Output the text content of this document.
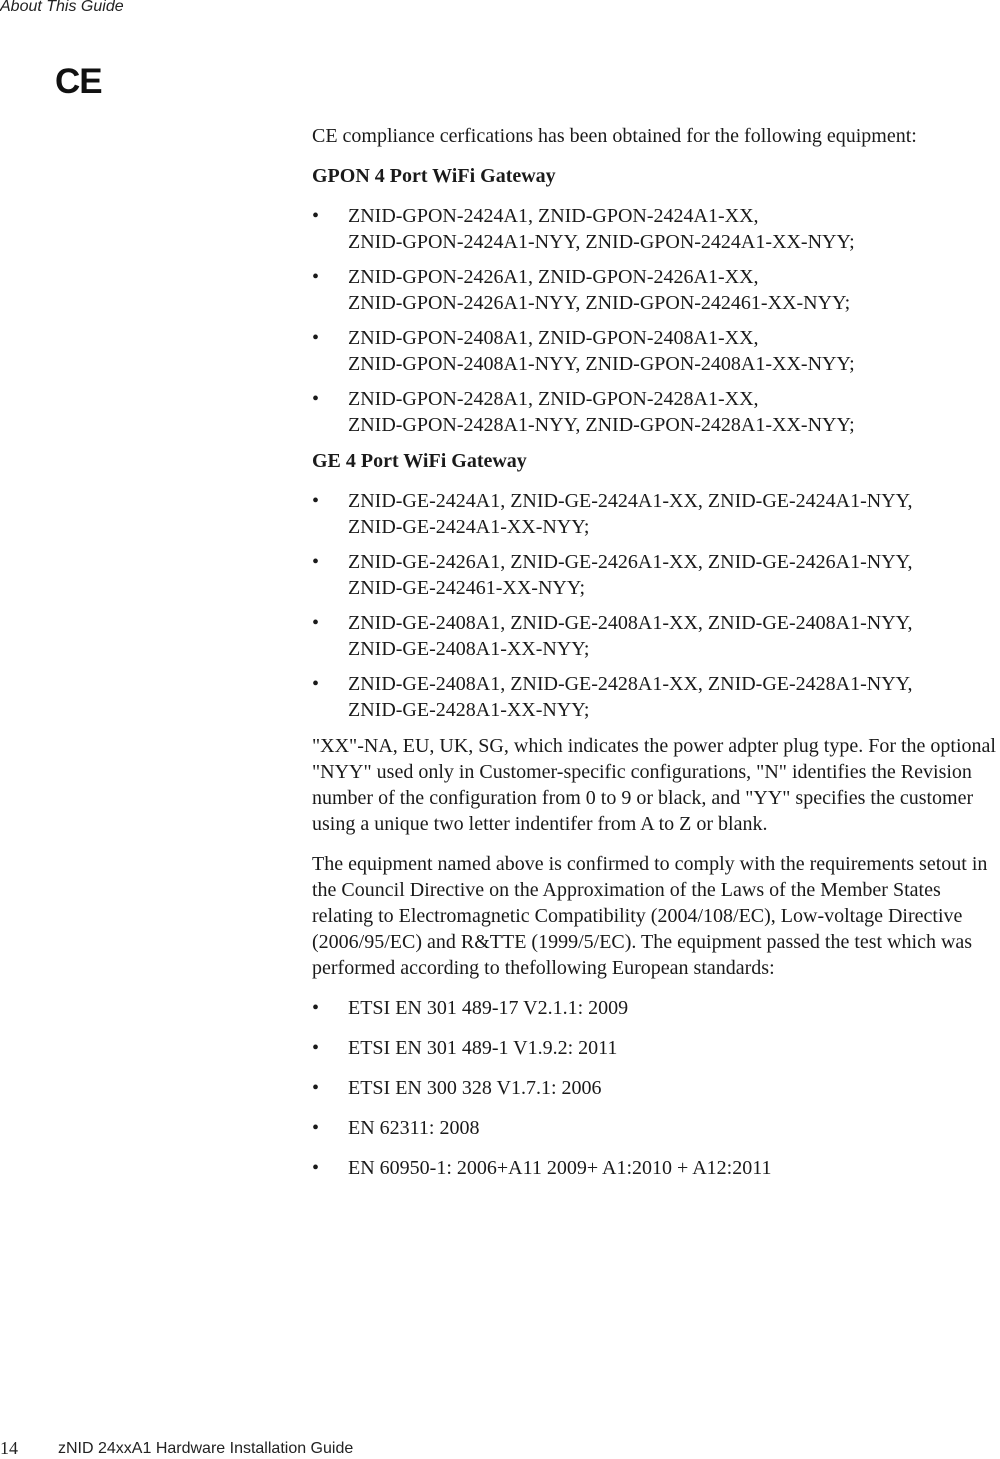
About This Guide
CE

CE compliance cerfications has been obtained for the following equipment:

GPON 4 Port WiFi Gateway

• ZNID-GPON-2424A1, ZNID-GPON-2424A1-XX,
ZNID-GPON-2424A1-NYY, ZNID-GPON-2424A1-XX-NYY;
• ZNID-GPON-2426A1, ZNID-GPON-2426A1-XX,
ZNID-GPON-2426A1-NYY, ZNID-GPON-242461-XX-NYY;
• ZNID-GPON-2408A1, ZNID-GPON-2408A1-XX,
ZNID-GPON-2408A1-NYY, ZNID-GPON-2408A1-XX-NYY;
• ZNID-GPON-2428A1, ZNID-GPON-2428A1-XX,
ZNID-GPON-2428A1-NYY, ZNID-GPON-2428A1-XX-NYY;

GE 4 Port WiFi Gateway

• ZNID-GE-2424A1, ZNID-GE-2424A1-XX, ZNID-GE-2424A1-NYY,
ZNID-GE-2424A1-XX-NYY;
• ZNID-GE-2426A1, ZNID-GE-2426A1-XX, ZNID-GE-2426A1-NYY,
ZNID-GE-242461-XX-NYY;
• ZNID-GE-2408A1, ZNID-GE-2408A1-XX, ZNID-GE-2408A1-NYY,
ZNID-GE-2408A1-XX-NYY;
• ZNID-GE-2408A1, ZNID-GE-2428A1-XX, ZNID-GE-2428A1-NYY,
ZNID-GE-2428A1-XX-NYY;

"XX"-NA, EU, UK, SG, which indicates the power adpter plug type. For the optional "NYY" used only in Customer-specific configurations, "N" identifies the Revision number of the configuration from 0 to 9 or black, and "YY" specifies the customer using a unique two letter indentifer from A to Z or blank.

The equipment named above is confirmed to comply with the requirements setout in the Council Directive on the Approximation of the Laws of the Member States relating to Electromagnetic Compatibility (2004/108/EC), Low-voltage Directive (2006/95/EC) and R&TTE (1999/5/EC). The equipment passed the test which was performed according to thefollowing European standards:

• ETSI EN 301 489-17 V2.1.1: 2009
• ETSI EN 301 489-1 V1.9.2: 2011
• ETSI EN 300 328 V1.7.1: 2006
• EN 62311: 2008
• EN 60950-1: 2006+A11 2009+ A1:2010 + A12:2011
14	zNID 24xxA1 Hardware Installation Guide
